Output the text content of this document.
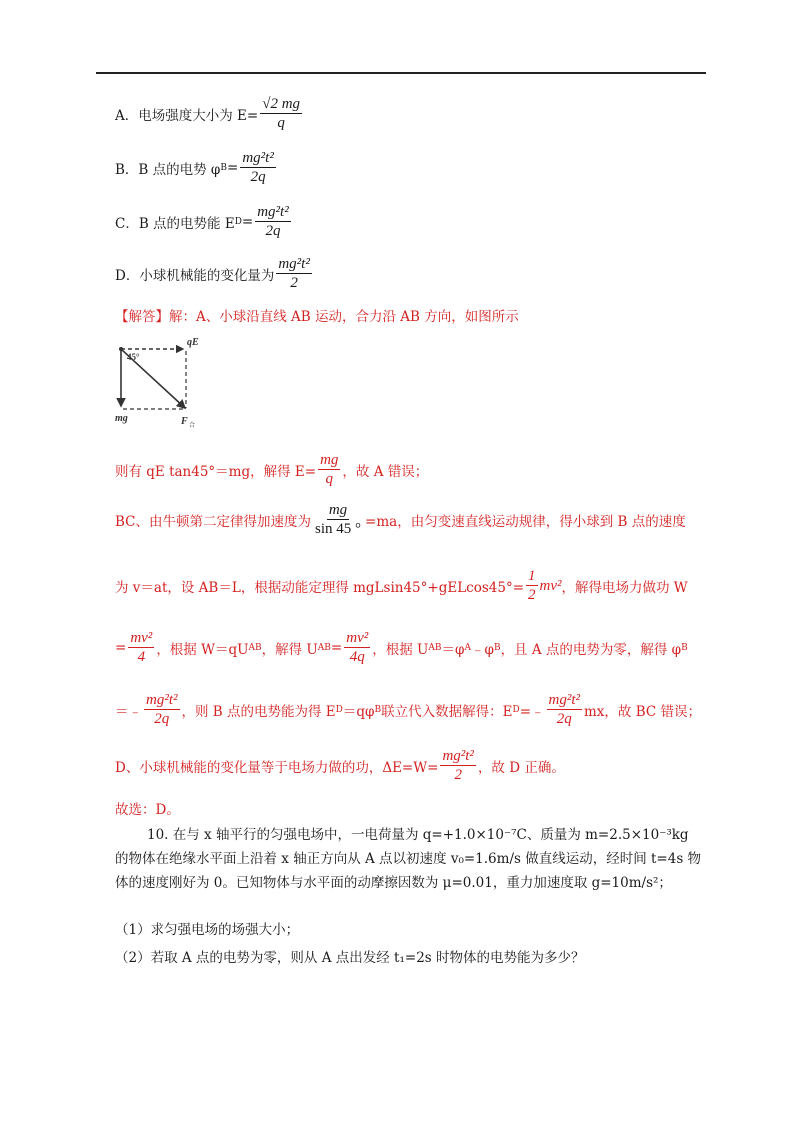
A．电场强度大小为 $E= \frac{√2 mg}{q}$
B．B 点的电势 φ $B = \frac{\text{mg²t²}}{2q}$
C．B 点的电势能 E $D = \frac{\text{mg²t²}}{2q}$
D．小球机械能的变化量为 $\frac{\text{mg²t²}}{2}$
【解答】 解：A、小球沿直线 AB 运动，合力沿 AB 方向，如图所示
qE
45°
mg	F 合
则有 qE tan45°＝mg，解得 $E= \frac{mg}{q}$ ，故 A 错误；
BC、由牛顿第二定律得加速度为 $\frac{mg}{\sin 45 ^\circ} =ma$，由匀变速直线运动规律，得小球到 B 点的速度
为 v＝at，设 AB＝L，根据动能定理得 $mgLsin45^\circ+gELcos45^\circ= \frac{1}{2} mv^2$ ，解得电场力做功 W
= $\frac{\text{mv²}}{4}$ ，根据 W＝qU AB ，解得 U AB = $\frac{\text{mv²}}{4q}$ ，根据 U AB ＝φ A ﹣φ B ，且 A 点的电势为零，解得 φ B
＝﹣ $\frac{\text{mg²t²}}{2q}$ ，则 B 点的电势能为得 E D ＝qφ B 联立代入数据解得：E D =﹣ $\frac{\text{mg²t²}}{2q}$ mx，故 BC 错误；
D、小球机械能的变化量等于电场力做的功，$\Delta E=W= \frac{\text{mg²t²}}{2}$ ，故 D 正确。
故选：D。
10. 在与 x 轴平行的匀强电场中，一电荷量为 q=+1.0×10⁻⁷C、质量为 m=2.5×10⁻³kg 的物体在绝缘水平面上沿着 x 轴正方向从 A 点以初速度 v₀=1.6m/s 做直线运动，经时间 t=4s 物体的速度刚好为 0。已知物体与水平面的动摩擦因数为 μ=0.01，重力加速度取 g=10m/s²；
（1）求匀强电场的场强大小；
（2）若取 A 点的电势为零，则从 A 点出发经 t₁=2s 时物体的电势能为多少？
